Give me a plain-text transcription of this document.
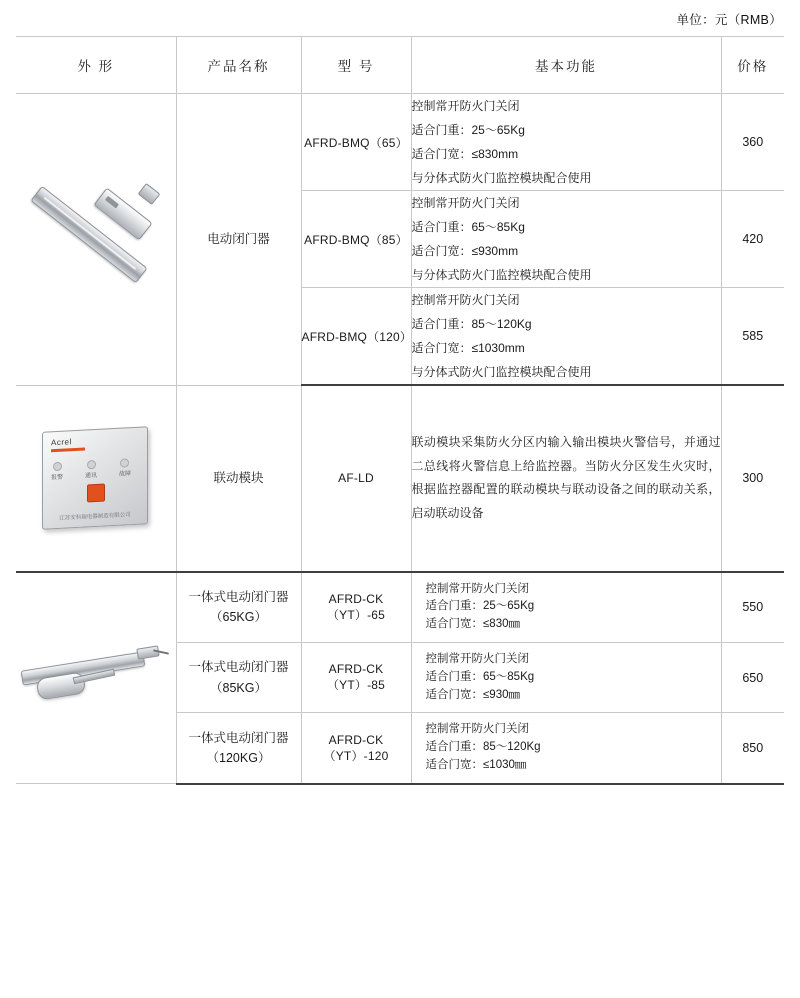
单位：元（RMB）
外 形	产品名称	型 号	基本功能	价格

	电动闭门器	AFRD-BMQ（65）	控制常开防火门关闭
适合门重：25～65Kg
适合门宽：≤830mm
与分体式防火门监控模块配合使用	360
		AFRD-BMQ（85）	控制常开防火门关闭
适合门重：65～85Kg
适合门宽：≤930mm
与分体式防火门监控模块配合使用	420
		AFRD-BMQ（120）	控制常开防火门关闭
适合门重：85～120Kg
适合门宽：≤1030mm
与分体式防火门监控模块配合使用	585

Acrel
报警 通讯 故障
江苏安科瑞电器制造有限公司	联动模块	AF-LD	联动模块采集防火分区内输入输出模块火警信号，并通过二总线将火警信息上给监控器。当防火分区发生火灾时，根据监控器配置的联动模块与联动设备之间的联动关系，启动联动设备	300

	一体式电动闭门器（65KG）	AFRD-CK（YT）-65	控制常开防火门关闭
适合门重：25～65Kg
适合门宽：≤830㎜	550
	一体式电动闭门器（85KG）	AFRD-CK（YT）-85	控制常开防火门关闭
适合门重：65～85Kg
适合门宽：≤930㎜	650
	一体式电动闭门器（120KG）	AFRD-CK（YT）-120	控制常开防火门关闭
适合门重：85～120Kg
适合门宽：≤1030㎜	850
